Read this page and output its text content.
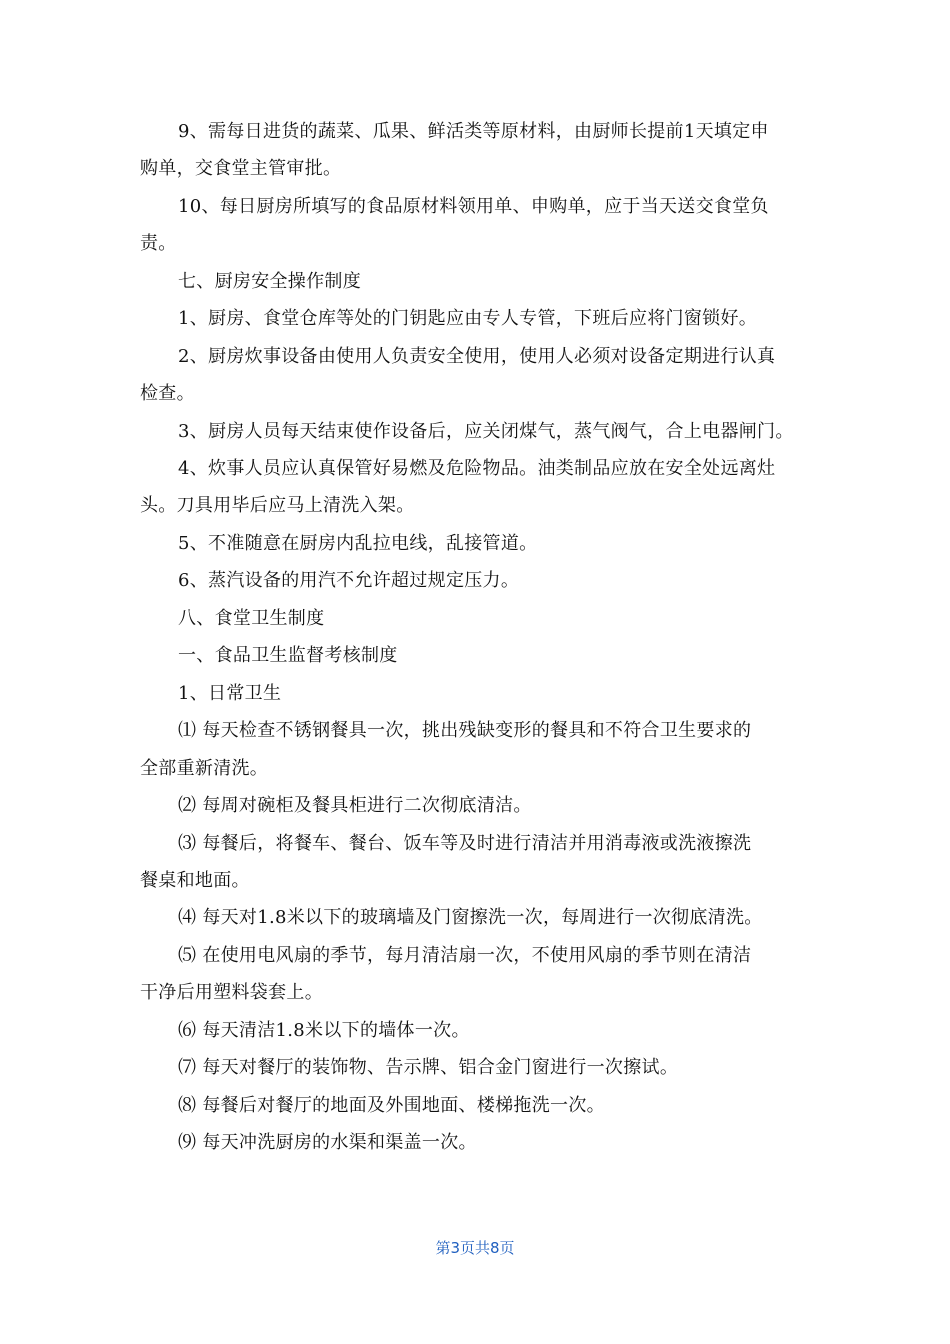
9、需每日进货的蔬菜、瓜果、鲜活类等原材料，由厨师长提前1天填定申
购单，交食堂主管审批。
10、每日厨房所填写的食品原材料领用单、申购单，应于当天送交食堂负
责。
七、厨房安全操作制度
1、厨房、食堂仓库等处的门钥匙应由专人专管，下班后应将门窗锁好。
2、厨房炊事设备由使用人负责安全使用，使用人必须对设备定期进行认真
检查。
3、厨房人员每天结束使作设备后，应关闭煤气，蒸气阀气，合上电器闸门。
4、炊事人员应认真保管好易燃及危险物品。油类制品应放在安全处远离灶
头。刀具用毕后应马上清洗入架。
5、不准随意在厨房内乱拉电线，乱接管道。
6、蒸汽设备的用汽不允许超过规定压力。
八、食堂卫生制度
一、食品卫生监督考核制度
1、日常卫生
⑴ 每天检查不锈钢餐具一次，挑出残缺变形的餐具和不符合卫生要求的
全部重新清洗。
⑵ 每周对碗柜及餐具柜进行二次彻底清洁。
⑶ 每餐后，将餐车、餐台、饭车等及时进行清洁并用消毒液或洗液擦洗
餐桌和地面。
⑷ 每天对1.8米以下的玻璃墙及门窗擦洗一次，每周进行一次彻底清洗。
⑸ 在使用电风扇的季节，每月清洁扇一次，不使用风扇的季节则在清洁
干净后用塑料袋套上。
⑹ 每天清洁1.8米以下的墙体一次。
⑺ 每天对餐厅的装饰物、告示牌、铝合金门窗进行一次擦试。
⑻ 每餐后对餐厅的地面及外围地面、楼梯拖洗一次。
⑼ 每天冲洗厨房的水渠和渠盖一次。
第3页共8页
